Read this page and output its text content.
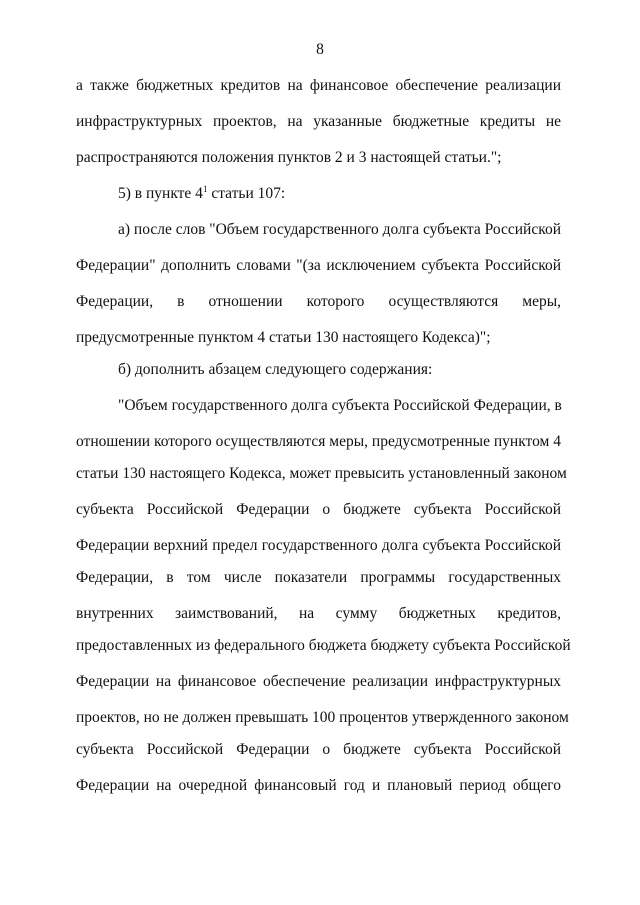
8
а также бюджетных кредитов на финансовое обеспечение реализации
инфраструктурных проектов, на указанные бюджетные кредиты не
распространяются положения пунктов 2 и 3 настоящей статьи.";
5) в пункте $4^1$ статьи 107:
а) после слов "Объем государственного долга субъекта Российской
Федерации" дополнить словами "(за исключением субъекта Российской
Федерации, в отношении которого осуществляются меры,
предусмотренные пунктом 4 статьи 130 настоящего Кодекса)";
б) дополнить абзацем следующего содержания:
"Объем государственного долга субъекта Российской Федерации, в
отношении которого осуществляются меры, предусмотренные пунктом 4
статьи 130 настоящего Кодекса, может превысить установленный законом
субъекта Российской Федерации о бюджете субъекта Российской
Федерации верхний предел государственного долга субъекта Российской
Федерации, в том числе показатели программы государственных
внутренних заимствований, на сумму бюджетных кредитов,
предоставленных из федерального бюджета бюджету субъекта Российской
Федерации на финансовое обеспечение реализации инфраструктурных
проектов, но не должен превышать 100 процентов утвержденного законом
субъекта Российской Федерации о бюджете субъекта Российской
Федерации на очередной финансовый год и плановый период общего
